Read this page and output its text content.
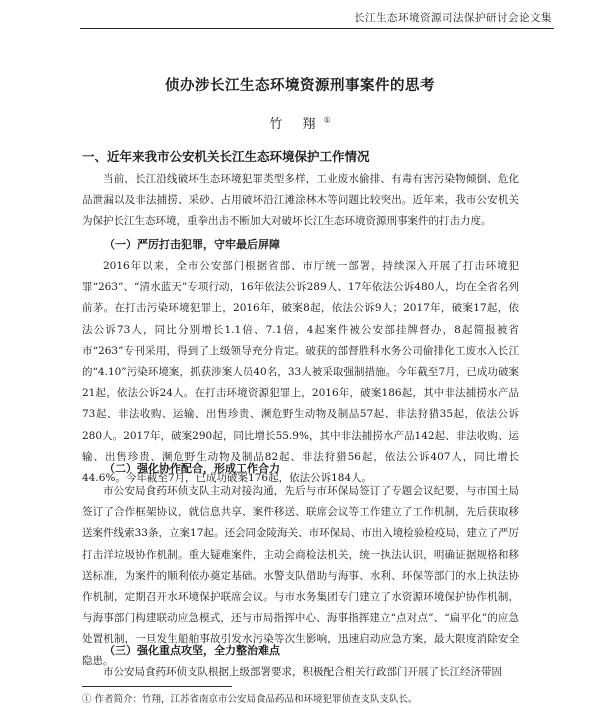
长江生态环境资源司法保护研讨会论文集
侦办涉长江生态环境资源刑事案件的思考
竹 翔①
一、近年来我市公安机关长江生态环境保护工作情况

当前，长江沿线破坏生态环境犯罪类型多样，工业废水偷排、有毒有害污染物倾倒、危化品泄漏以及非法捕捞、采砂、占用破坏沿江滩涂林木等问题比较突出。近年来，我市公安机关为保护长江生态环境，重拳出击不断加大对破坏长江生态环境资源刑事案件的打击力度。

（一）严厉打击犯罪，守牢最后屏障

2016年以来，全市公安部门根据省部、市厅统一部署，持续深入开展了打击环境犯罪“263”、“清水蓝天”专项行动，16年依法公诉289人、17年依法公诉480人，均在全省名列前茅。在打击污染环境犯罪上，2016年，破案8起，依法公诉9人；2017年，破案17起，依法公诉73人，同比分别增长1.1倍、7.1倍，4起案件被公安部挂牌督办，8起简报被省市“263”专刊采用，得到了上级领导充分肯定。破获的部督胜科水务公司偷排化工废水入长江的“4.10”污染环境案，抓获涉案人员40名，33人被采取强制措施。今年截至7月，已成功破案21起，依法公诉24人。在打击环境资源犯罪上，2016年，破案186起，其中非法捕捞水产品73起、非法收购、运输、出售珍贵、濒危野生动物及制品57起、非法狩猎35起，依法公诉280人。2017年，破案290起，同比增长55.9%，其中非法捕捞水产品142起、非法收购、运输、出售珍贵、濒危野生动物及制品82起、非法狩猎56起，依法公诉407人，同比增长44.6%。今年截至7月，已成功破案176起，依法公诉184人。

（二）强化协作配合，形成工作合力

市公安局食药环侦支队主动对接沟通，先后与市环保局签订了专题会议纪要，与市国土局签订了合作框架协议，就信息共享、案件移送、联席会议等工作建立了工作机制，先后获取移送案件线索33条，立案17起。还会同金陵海关、市环保局、市出入境检验检疫局，建立了严厉打击洋垃圾协作机制。重大疑难案件，主动会商检法机关，统一执法认识，明确证据规格和移送标准，为案件的顺利依办奠定基础。水警支队借助与海事、水利、环保等部门的水上执法协作机制，定期召开水环境保护联席会议。与市水务集团专门建立了水资源环境保护协作机制，与海事部门构建联动应急模式，还与市局指挥中心、海事指挥建立“点对点”、“扁平化”的应急处置机制，一旦发生船舶事故引发水污染等次生影响，迅速启动应急方案，最大限度消除安全隐患。

（三）强化重点攻坚，全力整治难点

市公安局食药环侦支队根据上级部署要求，积极配合相关行政部门开展了长江经济带固

① 作者简介：竹翔，江苏省南京市公安局食品药品和环境犯罪侦查支队支队长。
